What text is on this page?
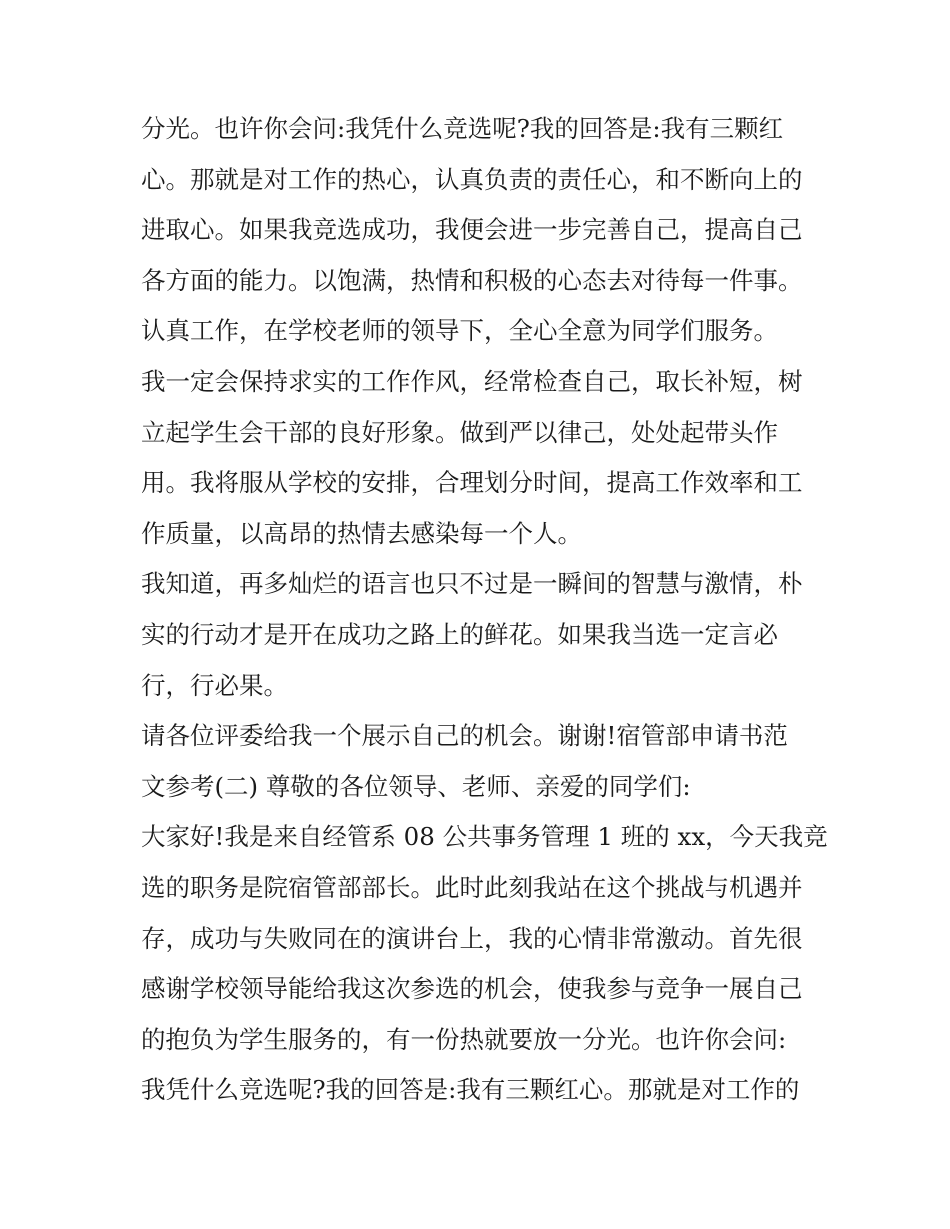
分光。也许你会问:我凭什么竞选呢?我的回答是:我有三颗红
心。那就是对工作的热心，认真负责的责任心，和不断向上的
进取心。如果我竞选成功，我便会进一步完善自己，提高自己
各方面的能力。以饱满，热情和积极的心态去对待每一件事。
认真工作，在学校老师的领导下，全心全意为同学们服务。
我一定会保持求实的工作作风，经常检查自己，取长补短，树
立起学生会干部的良好形象。做到严以律己，处处起带头作
用。我将服从学校的安排，合理划分时间，提高工作效率和工
作质量，以高昂的热情去感染每一个人。
我知道，再多灿烂的语言也只不过是一瞬间的智慧与激情，朴
实的行动才是开在成功之路上的鲜花。如果我当选一定言必
行，行必果。
请各位评委给我一个展示自己的机会。谢谢!宿管部申请书范
文参考(二) 尊敬的各位领导、老师、亲爱的同学们:
大家好!我是来自经管系 08 公共事务管理 1 班的 xx，今天我竞
选的职务是院宿管部部长。此时此刻我站在这个挑战与机遇并
存，成功与失败同在的演讲台上，我的心情非常激动。首先很
感谢学校领导能给我这次参选的机会，使我参与竞争一展自己
的抱负为学生服务的，有一份热就要放一分光。也许你会问:
我凭什么竞选呢?我的回答是:我有三颗红心。那就是对工作的
